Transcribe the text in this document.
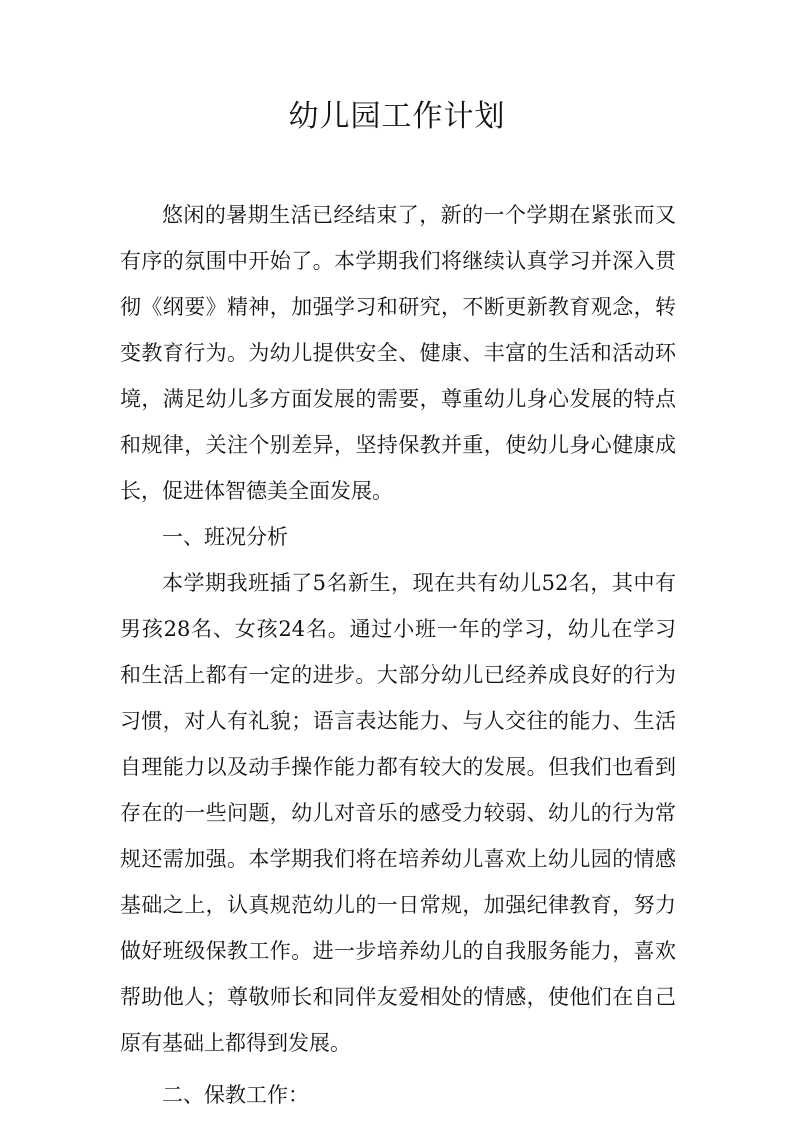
幼儿园工作计划

悠闲的暑期生活已经结束了，新的一个学期在紧张而又有序的氛围中开始了。本学期我们将继续认真学习并深入贯彻《纲要》精神，加强学习和研究，不断更新教育观念，转变教育行为。为幼儿提供安全、健康、丰富的生活和活动环境，满足幼儿多方面发展的需要，尊重幼儿身心发展的特点和规律，关注个别差异，坚持保教并重，使幼儿身心健康成长，促进体智德美全面发展。

一、班况分析

本学期我班插了5名新生，现在共有幼儿52名，其中有男孩28名、女孩24名。通过小班一年的学习，幼儿在学习和生活上都有一定的进步。大部分幼儿已经养成良好的行为习惯，对人有礼貌；语言表达能力、与人交往的能力、生活自理能力以及动手操作能力都有较大的发展。但我们也看到存在的一些问题，幼儿对音乐的感受力较弱、幼儿的行为常规还需加强。本学期我们将在培养幼儿喜欢上幼儿园的情感基础之上，认真规范幼儿的一日常规，加强纪律教育，努力做好班级保教工作。进一步培养幼儿的自我服务能力，喜欢帮助他人；尊敬师长和同伴友爱相处的情感，使他们在自己原有基础上都得到发展。

二、保教工作：
